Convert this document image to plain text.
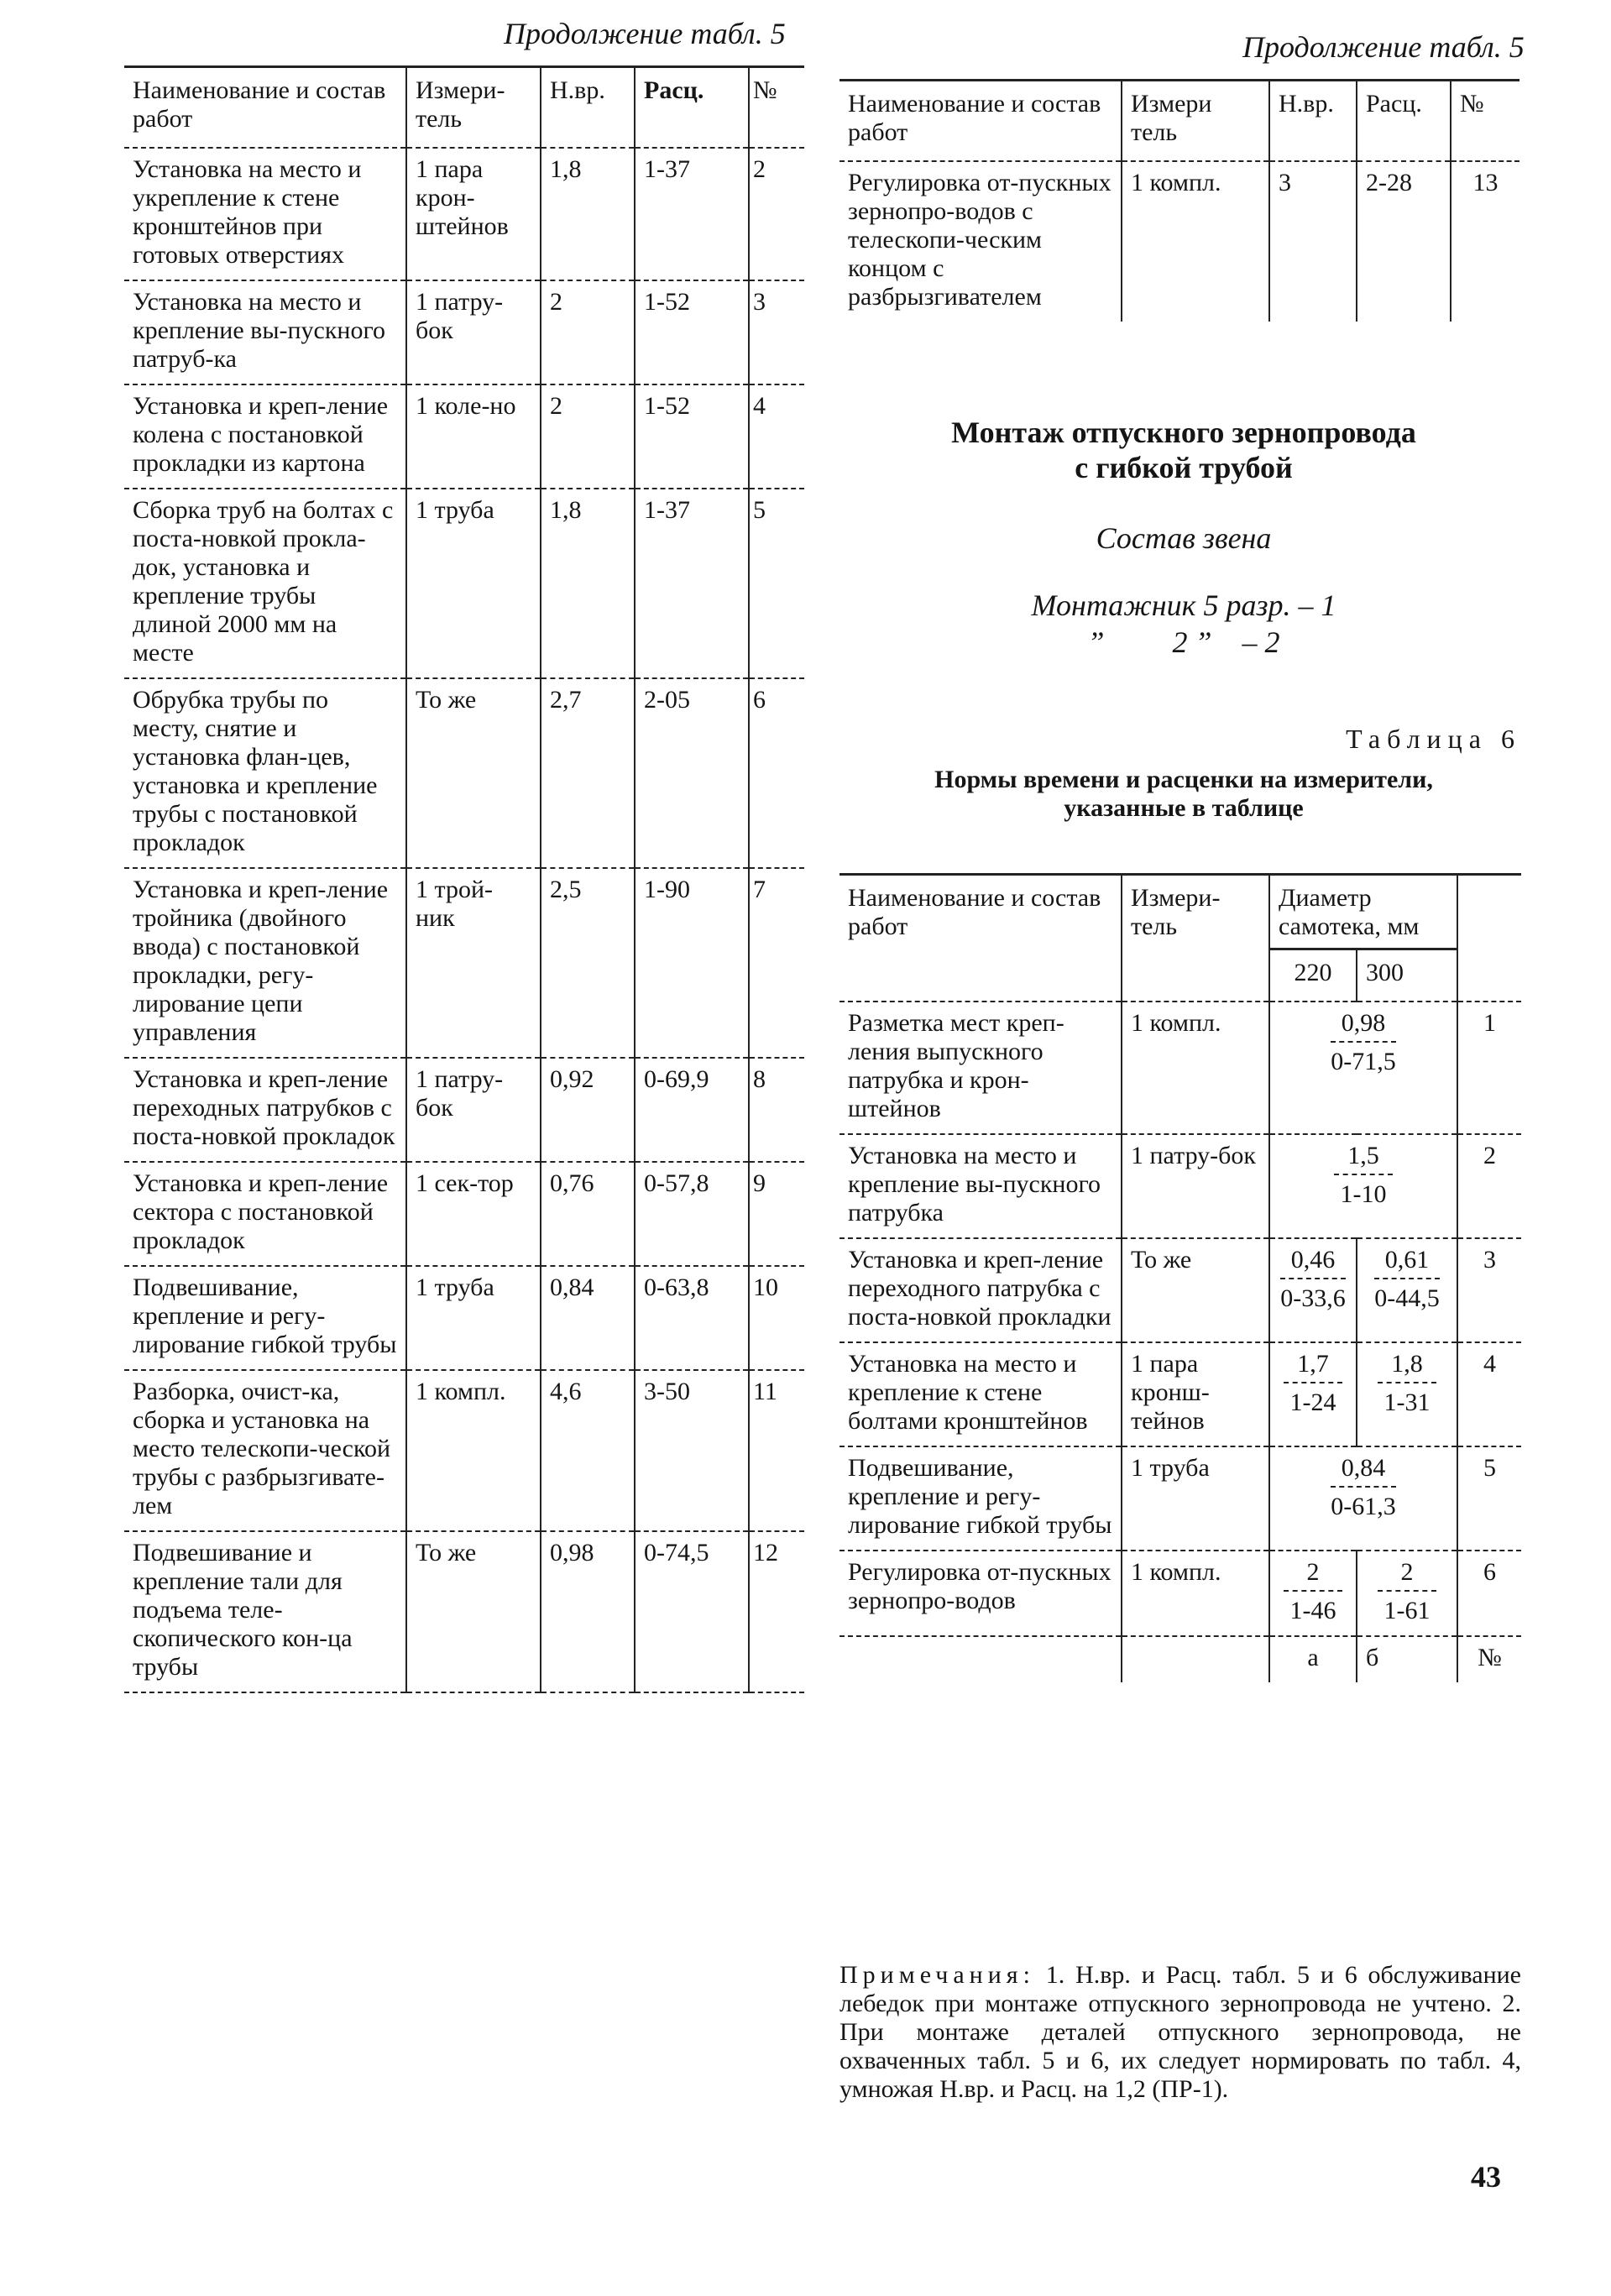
Продолжение табл. 5
Наименование и состав работ	Измери-тель	Н.вр.	Расц.	№
Установка на место и укрепление к стене кронштейнов при готовых отверстиях	1 пара крон-штейнов	1,8	1-37	2
Установка на место и крепление вы-пускного патруб-ка	1 патру-бок	2	1-52	3
Установка и креп-ление колена с постановкой прокладки из картона	1 коле-но	2	1-52	4
Сборка труб на болтах с поста-новкой прокла-док, установка и крепление трубы длиной 2000 мм на месте	1 труба	1,8	1-37	5
Обрубка трубы по месту, снятие и установка флан-цев, установка и крепление трубы с постановкой прокладок	То же	2,7	2-05	6
Установка и креп-ление тройника (двойного ввода) с постановкой прокладки, регу-лирование цепи управления	1 трой-ник	2,5	1-90	7
Установка и креп-ление переходных патрубков с поста-новкой прокладок	1 патру-бок	0,92	0-69,9	8
Установка и креп-ление сектора с постановкой прокладок	1 сек-тор	0,76	0-57,8	9
Подвешивание, крепление и регу-лирование гибкой трубы	1 труба	0,84	0-63,8	10
Разборка, очист-ка, сборка и установка на место телескопи-ческой трубы с разбрызгивате-лем	1 компл.	4,6	3-50	11
Подвешивание и крепление тали для подъема теле-скопического кон-ца трубы	То же	0,98	0-74,5	12
Продолжение табл. 5
Наименование и состав работ	Измери тель	Н.вр.	Расц.	№
Регулировка от-пускных зернопро-водов с телескопи-ческим концом с разбрызгивателем	1 компл.	3	2-28	13
Монтаж отпускного зернопровода
с гибкой трубой
Состав звена
Монтажник 5 разр. – 1
”         2 ”    – 2
Таблица 6
Нормы времени и расценки на измерители,
указанные в таблице
Наименование и состав работ	Измери-тель	Диаметр самотека, мм		
		220	300	
Разметка мест креп-ления выпускного патрубка и крон-штейнов	1 компл.	$\frac{0,98}{0-71,5}$		1
Установка на место и крепление вы-пускного патрубка	1 патру-бок	$\frac{1,5}{1-10}$		2
Установка и креп-ление переходного патрубка с поста-новкой прокладки	То же	$\frac{0,46}{0-33,6}$	$\frac{0,61}{0-44,5}$	3
Установка на место и крепление к стене болтами кронштейнов	1 пара кронш-тейнов	$\frac{1,7}{1-24}$	$\frac{1,8}{1-31}$	4
Подвешивание, крепление и регу-лирование гибкой трубы	1 труба	$\frac{0,84}{0-61,3}$		5
Регулировка от-пускных зернопро-водов	1 компл.	$\frac{2}{1-46}$	$\frac{2}{1-61}$	6
		а	б	№
Примечания: 1. Н.вр. и Расц. табл. 5 и 6 обслуживание лебедок при монтаже отпускного зернопровода не учтено. 2. При монтаже деталей отпускного зернопровода, не охваченных табл. 5 и 6, их следует нормировать по табл. 4, умножая Н.вр. и Расц. на 1,2 (ПР-1).
43
